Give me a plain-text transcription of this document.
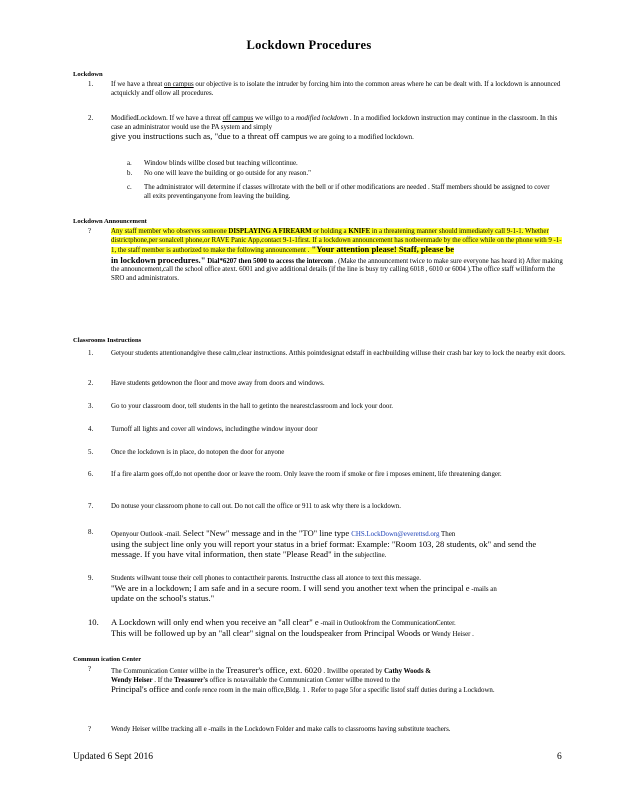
Lockdown Procedures
Lockdown
1.	If we have a threat on campus our objective is to isolate the intruder by forcing him into the common areas where he can be dealt with. If a lockdown is announced actquickly andf ollow all procedures.
2.	ModifiedLockdown. If we have a threat off campus we willgo to a modified lockdown . In a modified lockdown instruction may continue in the classroom. In this case an administrator would use the PA system and simply
give you instructions such as, "due to a threat off campus we are going to a modified lockdown.
a.	Window blinds willbe closed but teaching willcontinue.
b.	No one will leave the building or go outside for any reason."
c.	The administrator will determine if classes willrotate with the bell or if other modifications are needed . Staff members should be assigned to cover all exits preventinganyone from leaving the building.
Lockdown Announcement
?	Any staff member who observes someone DISPLAYING A FIREARM or holding a KNIFE in a threatening manner should immediately call 9-1-1. Whether districtphone,per sonalcell phone,or RAVE Panic App,contact 9-1-1first. If a lockdown announcement has notbeenmade by the office while on the phone with 9 -1-1, the staff member is authorized to make the following announcement . "Your attention please! Staff, please be
in lockdown procedures." Dial*6207 then 5000 to access the intercom . (Make the announcement twice to make sure everyone has heard it) After making the announcement,call the school office atext. 6001 and give additional details (if the line is busy try calling 6018 , 6010 or 6004 ).The office staff willinform the SRO and administrators.
Classrooms Instructions
1.	Getyour students attentionandgive these calm,clear instructions. Atthis pointdesignat edstaff in eachbuilding willuse their crash bar key to lock the nearby exit doors.
2.	Have students getdownon the floor and move away from doors and windows.
3.	Go to your classroom door, tell students in the hall to getinto the nearestclassroom and lock your door.
4.	Turnoff all lights and cover all windows, includingthe window inyour door
5.	Once the lockdown is in place, do notopen the door for anyone
6.	If a fire alarm goes off,do not openthe door or leave the room. Only leave the room if smoke or fire i mposes eminent, life threatening danger.
7.	Do notuse your classroom phone to call out. Do not call the office or 911 to ask why there is a lockdown.
8.	Openyour Outlook -mail. Select "New" message and in the "TO" line type CHS.LockDown@everettsd.org Then
using the subject line only you will report your status in a brief format: Example: "Room 103, 28 students, ok" and send the message. If you have vital information, then state "Please Read" in the subjectline.
9.	Students willwant touse their cell phones to contacttheir parents. Instructthe class all atonce to text this message.
"We are in a lockdown; I am safe and in a secure room. I will send you another text when the principal e -mails an
update on the school's status."
10. A Lockdown will only end when you receive an "all clear" e -mail in Outlookfrom the CommunicationCenter.
This will be followed up by an "all clear" signal on the loudspeaker from Principal Woods or Wendy Heiser .
Commun ication Center
?	The Communication Center willbe in the Treasurer's office, ext. 6020 . Itwillbe operated by Cathy Woods &
Wendy Heiser . If the Treasurer's office is notavailable the Communication Center willbe moved to the
Principal's office and confe rence room in the main office,Bldg. 1 . Refer to page 5for a specific listof staff duties during a Lockdown.
?	Wendy Heiser willbe tracking all e -mails in the Lockdown Folder and make calls to classrooms having substitute teachers.
Updated 6 Sept 2016	6
